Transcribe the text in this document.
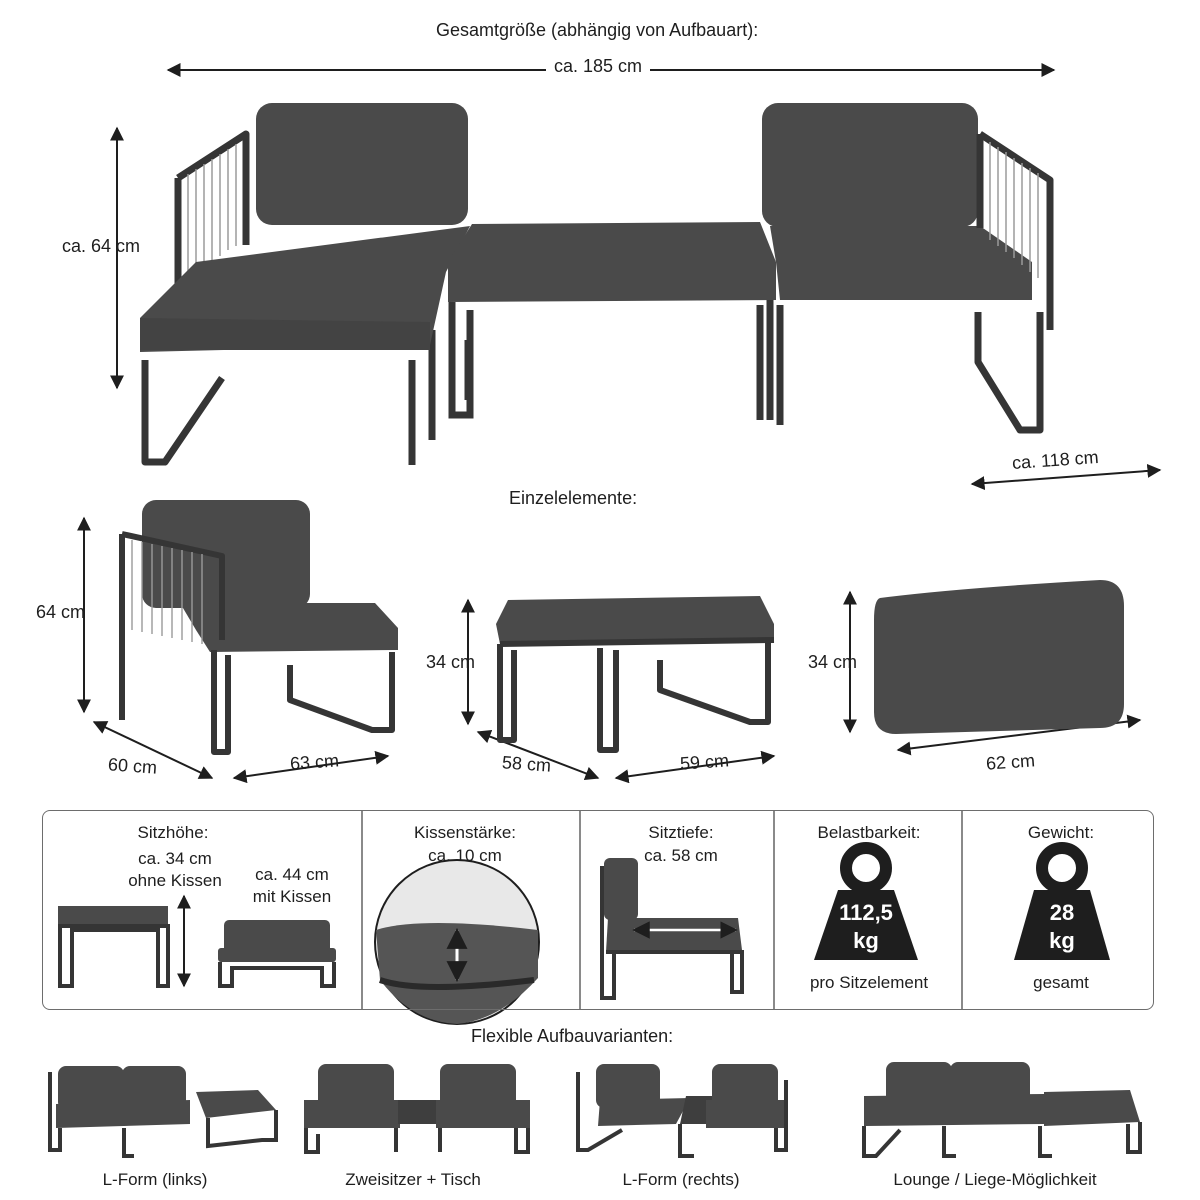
112,5
kg
28
kg
Gesamtgröße (abhängig von Aufbauart):
ca. 185 cm
ca. 64 cm
ca. 118 cm
Einzelelemente:
64 cm
60 cm	63 cm
34 cm
58 cm	59 cm
34 cm
62 cm
Sitzhöhe:
ca. 34 cm
ohne Kissen	ca. 44 cm
mit Kissen
Kissenstärke:
ca. 10 cm
Sitztiefe:
ca. 58 cm
Belastbarkeit:
pro Sitzelement
Gewicht:
gesamt
Flexible Aufbauvarianten:
L-Form (links)	Zweisitzer + Tisch	L-Form (rechts)	Lounge / Liege-Möglichkeit
